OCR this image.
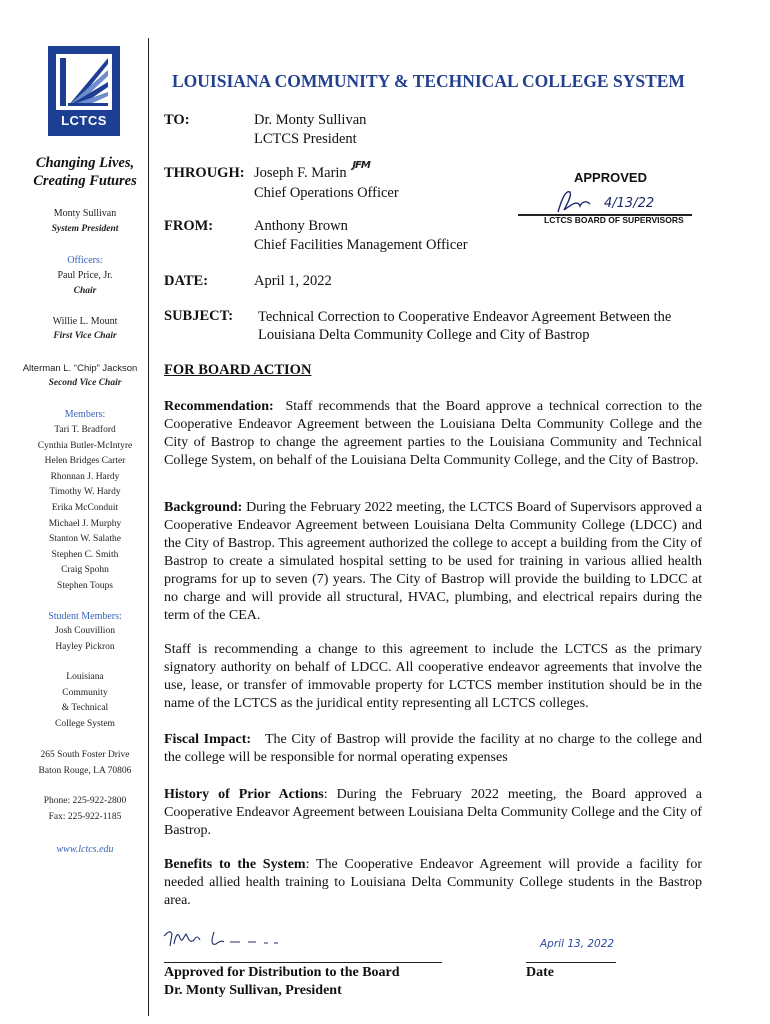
LCTCS
Changing Lives,
Creating Futures
Monty Sullivan
System President
Officers:
Paul Price, Jr.
Chair
Willie L. Mount
First Vice Chair
Alterman L. “Chip” Jackson
Second Vice Chair
Members:
Tari T. Bradford
Cynthia Butler-McIntyre
Helen Bridges Carter
Rhonnan J. Hardy
Timothy W. Hardy
Erika McConduit
Michael J. Murphy
Stanton W. Salathe
Stephen C. Smith
Craig Spohn
Stephen Toups
Student Members:
Josh Couvillion
Hayley Pickron
Louisiana
Community
& Technical
College System
265 South Foster Drive
Baton Rouge, LA 70806
Phone: 225-922-2800
Fax: 225-922-1185
www.lctcs.edu
LOUISIANA COMMUNITY & TECHNICAL COLLEGE SYSTEM
TO:	Dr. Monty Sullivan
LCTCS President
THROUGH: Joseph F. Marin $^{JFM}$
Chief Operations Officer
FROM:	Anthony Brown
Chief Facilities Management Officer
DATE:	April 1, 2022
SUBJECT: Technical Correction to Cooperative Endeavor Agreement Between the Louisiana Delta Community College and City of Bastrop
APPROVED
4/13/22
LCTCS BOARD OF SUPERVISORS
FOR BOARD ACTION
Recommendation: Staff recommends that the Board approve a technical correction to the Cooperative Endeavor Agreement between the Louisiana Delta Community College and the City of Bastrop to change the agreement parties to the Louisiana Community and Technical College System, on behalf of the Louisiana Delta Community College, and the City of Bastrop.
Background: During the February 2022 meeting, the LCTCS Board of Supervisors approved a Cooperative Endeavor Agreement between Louisiana Delta Community College (LDCC) and the City of Bastrop. This agreement authorized the college to accept a building from the City of Bastrop to create a simulated hospital setting to be used for training in various allied health programs for up to seven (7) years. The City of Bastrop will provide the building to LDCC at no charge and will provide all structural, HVAC, plumbing, and electrical repairs during the term of the CEA.
Staff is recommending a change to this agreement to include the LCTCS as the primary signatory authority on behalf of LDCC. All cooperative endeavor agreements that involve the use, lease, or transfer of immovable property for LCTCS member institution should be in the name of the LCTCS as the juridical entity representing all LCTCS colleges.
Fiscal Impact: The City of Bastrop will provide the facility at no charge to the college and the college will be responsible for normal operating expenses
History of Prior Actions: During the February 2022 meeting, the Board approved a Cooperative Endeavor Agreement between Louisiana Delta Community College and the City of Bastrop.
Benefits to the System: The Cooperative Endeavor Agreement will provide a facility for needed allied health training to Louisiana Delta Community College students in the Bastrop area.
April 13, 2022
Approved for Distribution to the Board
Dr. Monty Sullivan, President
Date
